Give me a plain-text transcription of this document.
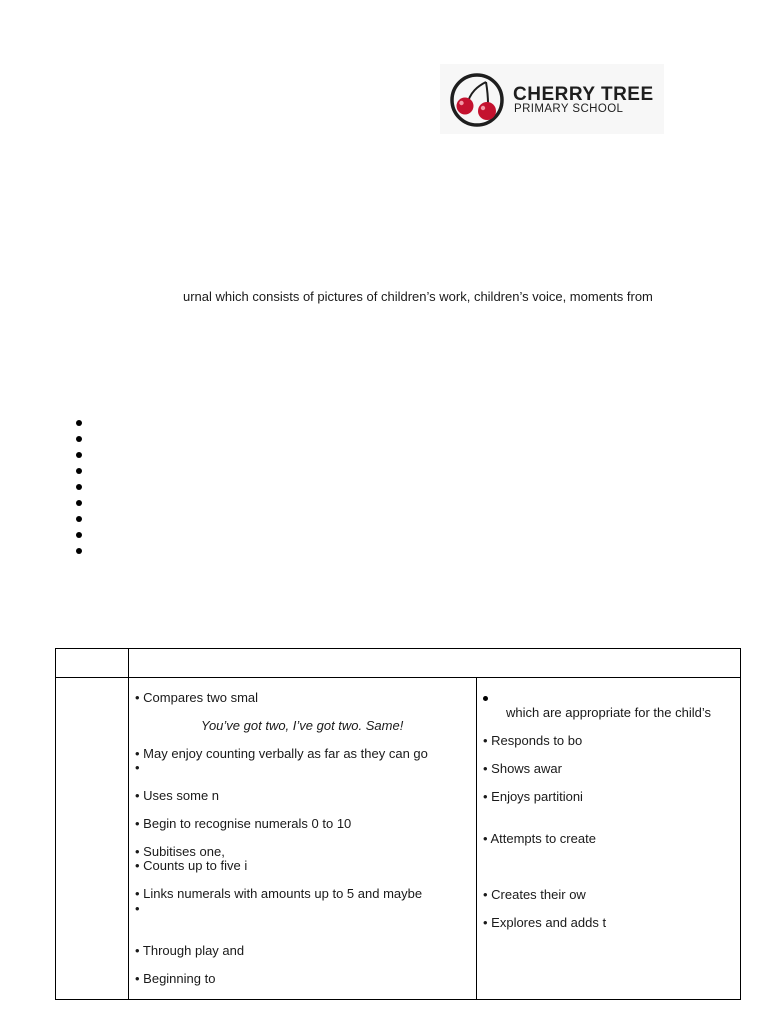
CHERRY TREE
PRIMARY SCHOOL
urnal which consists of pictures of children’s work, children’s voice, moments from
• Compares two smal
You’ve got two, I’ve got two. Same!
• May enjoy counting verbally as far as they can go
•
• Uses some n
• Begin to recognise numerals 0 to 10
• Subitises one,
• Counts up to five i
• Links numerals with amounts up to 5 and maybe
•
• Through play and
• Beginning to
which are appropriate for the child’s
• Responds to bo
• Shows awar
• Enjoys partitioni
• Attempts to create
• Creates their ow
• Explores and adds t
